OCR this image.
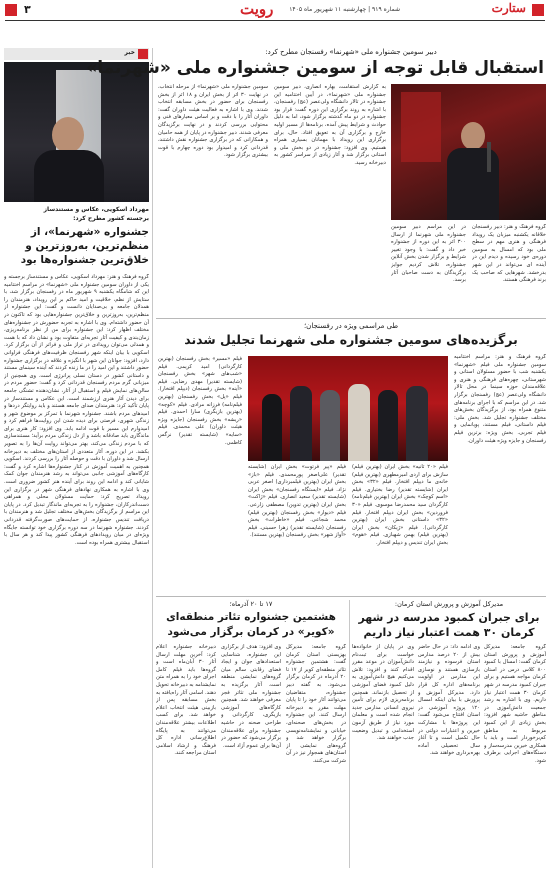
۳	ستارت
رویت	شماره ۹۱۹ | چهارشنبه ۱۱ شهریور ماه ۱۴۰۵
خبر
مهرداد اسکویی، عکاس و مستندساز
برجسته کشور مطرح کرد:
جشنواره «شهرنما»، از منظم‌ترین، به‌روزترین و خلاق‌ترین جشنواره‌ها بود
گروه فرهنگ و هنر: مهرداد اسکویی، عکاس و مستندساز برجسته و یکی از داوران سومین جشنواره ملی «شهرنما» در مراسم اختتامیه این که شامگاه یکشنبه ۹ شهریور ماه در رفسنجان برگزار شد، با ستایش از نظم، خلاقیت و امید حاکم بر این رویداد، هنرمندان را همدلان جامعه و بی‌صدایان دانست و گفت: این جشنواره از منظم‌ترین، به‌روزترین و خلاق‌ترین جشنواره‌هایی بود که تاکنون در آن حضور داشته‌ام. وی با اشاره به تجربه حضورش در جشنواره‌های مختلف اظهار کرد: این جشنواره برای من از نظر برنامه‌ریزی، زمان‌بندی و کیفیت آثار تجربه‌ای متفاوت بود و نشان داد که با همت و همدلی می‌توان رویدادی در تراز ملی و فراتر از آن برگزار کرد. اسکویی با بیان اینکه شهر رفسنجان ظرفیت‌های فرهنگی فراوانی دارد، افزود: جوانان این شهر با انگیزه و علاقه در برگزاری جشنواره حضور داشتند و این امید را در ما زنده کردند که آینده سینمای مستند و داستانی کشور در دستان نسلی پرانرژی است. وی همچنین از میزبانی گرم مردم رفسنجان قدردانی کرد و گفت: حضور مردم در سالن‌های نمایش فیلم و استقبال از آثار، نشان‌دهنده تشنگی جامعه برای دیدن آثار هنری ارزشمند است. این عکاس و مستندساز در پایان تأکید کرد: هنرمندان صدای جامعه هستند و باید روایتگر دردها و امیدهای مردم باشند. جشنواره شهرنما با تمرکز بر موضوع شهر و زندگی شهری، فرصتی برای دیده شدن این روایت‌ها فراهم کرد و امیدوارم این مسیر با قوت ادامه یابد. وی افزود: کار هنری برای ماندگاری باید صادقانه باشد و از دل زندگی مردم برآید؛ مستندسازی که با مردم زندگی می‌کند، بهتر می‌تواند روایت آن‌ها را به تصویر بکشد. در این دوره، آثار متعددی از استان‌های مختلف به دبیرخانه ارسال شد و داوران با دقت و حوصله آثار را بررسی کردند. اسکویی همچنین به اهمیت آموزش در کنار جشنواره‌ها اشاره کرد و گفت: کارگاه‌های آموزشی جانبی می‌تواند به رشد هنرمندان جوان کمک شایانی کند و ادامه این روند برای آینده هنر کشور ضروری است. وی با اشاره به همکاری نهادهای فرهنگی شهر در برگزاری این رویداد تصریح کرد: حمایت مسئولان محلی و همراهی دست‌اندرکاران، جشنواره را به تجربه‌ای ماندگار تبدیل کرد. در پایان این مراسم از برگزیدگان بخش‌های مختلف تجلیل شد و هنرمندان با دریافت تندیس جشنواره، از حمایت‌های صورت‌گرفته قدردانی کردند. جشنواره شهرنما در سه دوره برگزاری خود توانسته جایگاه ویژه‌ای در میان رویدادهای فرهنگی کشور پیدا کند و هر سال با استقبال بیشتری همراه بوده است.
دبیر سومین جشنواره ملی «شهرنما» رفسنجان مطرح کرد:
استقبال قابل توجه از سومین جشنواره ملی «شهرنما»
گروه فرهنگ و هنر: دبیر رفسنجان خلاقانه یکشنبه میزبان یک رویداد فرهنگی و هنری مهم در سطح ملی بود که امسال به سومین دوره‌ی خود رسیده و دیدم این در آینده ای می‌تواند در این شهر بدرخشد. شهرهایی که صاحب یک برند فرهنگی هستند.
در این مراسم دبیر سومین جشنواره ملی شهرنما از ارسال ۳۰۰ اثر به این دوره از جشنواره خبر داد و گفت: با وجود تغییر شرایط و برگزار شدن بخش آنلاین جشنواره، تلاش کردیم جوایز برگزیدگان به دست صاحبان آثار برسد.
به گزارش استقامت، بهاره انصاری، دبیر سومین جشنواره ملی «شهرنما»، در آیین اختتامیه این جشنواره در تالار دانشگاه ولی‌عصر (عج) رفسنجان، با اشاره به روند برگزاری این دوره گفت: قرار بود جشنواره در دو ماه گذشته برگزار شود، اما به دلیل حوادث و شرایط پیش آمده، برنامه‌ها از مسیر اولیه خارج و برگزاری آن به تعویق افتاد. حال، برای برگزاری این رویداد با مهمانان بسیاری همراه هستیم. وی افزود: جشنواره در دو بخش ملی و استانی برگزار شد و آثار زیادی از سراسر کشور به دبیرخانه رسید.
سومین جشنواره ملی «شهرنما» از مرحله انتخاب، در نهایت ۳۰ اثر از بخش ایران و ۱۸ اثر از بخش رفسنجان برای حضور در بخش مسابقه انتخاب شدند. وی با اشاره به فعالیت هیئت داوران گفت: داوران آثار را با دقت و بر اساس معیارهای فنی و محتوایی بررسی کردند و در نهایت برگزیدگان معرفی شدند. دبیر جشنواره در پایان از همه حامیان و همکارانی که در برگزاری جشنواره نقش داشتند، قدردانی کرد و امیدوار بود دوره چهارم با قوت بیشتری برگزار شود.
طی مراسمی ویژه در رفسنجان؛
برگزیده‌های سومین جشنواره ملی شهرنما تجلیل شدند
گروه فرهنگ و هنر: مراسم اختتامیه سومین جشنواره ملی فیلم «شهرنما» یکشنبه شب با حضور مسئولان استانی و شهرستانی، چهره‌های فرهنگی و هنری و علاقه‌مندان حوزه سینما در محل تالار دانشگاه ولی‌عصر (عج) رفسنجان برگزار شد. در این مراسم که با اجرای برنامه‌های متنوع همراه بود، از برگزیدگان بخش‌های مختلف جشنواره تجلیل شد. بخش ملی: فیلم داستانی، فیلم مستند، پویانمایی و فیلم تجربی. بخش ویژه: برترین فیلم رفسنجان و جایزه ویژه هیئت داوران.
فیلم «۲۰ ثانیه» بخش ایران (بهترین فیلم) سازش برای اردی امیرمطهری (بهترین فیلم) خانه‌ی ما دیپلم افتخار. فیلم «۳۲» بخش ایران (شایسته تقدیر) رضا بختیاری. فیلم «اسم کوچک» بخش ایران (بهترین فیلم‌نامه) کارگردان سید محمدرضا موسوی. فیلم «۳۰ فروردین» بخش ایران دیپلم افتخار. فیلم «۳۲» داستانی بخش ایران (بهترین کارگردانی). فیلم «ژیکان» بخش ایران (بهترین فیلم) بهمن شهبازی. فیلم «هوم» بخش ایران تندیس و دیپلم افتخار.
فیلم «پیر فرتوت» بخش ایران (شایسته تقدیر) علی‌اصغر پورمحمدی. فیلم «باز» بخش ایران (بهترین فیلمبرداری) اصغر عربی نژاد. فیلم «ایستگاه رفسنجان» بخش ایران (شایسته تقدیر) سعید انصاری. فیلم «ژاکت» بخش ایران (بهترین تدوین) مصطفی زارعی. فیلم «دیوار» بخش رفسنجان (بهترین فیلم) محمد شجاعی. فیلم «خاطرات» بخش رفسنجان (شایسته تقدیر) زهرا حسینی. فیلم «آواز شهر» بخش رفسنجان (بهترین مستند).
فیلم «مسیر» بخش رفسنجان (بهترین کارگردانی) امید کریمی. فیلم «شب‌های شهر» بخش رفسنجان (شایسته تقدیر) مهدی رضایی. فیلم «آینه» بخش رفسنجان (دیپلم افتخار). فیلم «پل» بخش رفسنجان (بهترین فیلم‌نامه) فرزانه مرادی. فیلم «کوچه» (بهترین بازیگری) سارا احمدی. فیلم «ریشه» بخش رفسنجان (جایزه ویژه هیئت داوران) علی محمدی. فیلم «سایه» (شایسته تقدیر) نرگس کاظمی.
مدیرکل آموزش و پرورش استان کرمان:
برای جبران کمبود مدرسه در شهر کرمان ۳۰ همت اعتبار نیاز داریم
گروه جامعه: مدیرکل آموزش و پرورش استان کرمان گفت: امسال با کمبود ۸۰۰ کلاس درس در استان کرمان مواجه هستیم و برای جبران کمبود مدرسه در شهر کرمان ۳۰ همت اعتبار نیاز داریم. وی با اشاره به رشد جمعیت دانش‌آموزی در مناطق حاشیه شهر افزود: بخش زیادی از این کمبود مربوط به مناطق کم‌برخوردار است و باید با همکاری خیرین مدرسه‌ساز و دستگاه‌های اجرایی برطرف شود.
وی ادامه داد: در حال حاضر بیش از ۲۰ درصد مدارس استان فرسوده و نیازمند بازسازی هستند و نوسازی این مدارس در اولویت برنامه‌های اداره کل قرار دارد. مدیرکل آموزش و پرورش با بیان اینکه امسال ۱۲۰ پروژه آموزشی در استان افتتاح می‌شود گفت: این پروژه‌ها با مشارکت خیرین و اعتبارات دولتی در حال تکمیل است و تا آغاز سال تحصیلی آماده بهره‌برداری خواهند شد.
وی در پایان از خانواده‌ها خواست برای ثبت‌نام دانش‌آموزان در موعد مقرر اقدام کنند و افزود: تلاش می‌کنیم هیچ دانش‌آموزی به دلیل کمبود فضای آموزشی از تحصیل بازنماند. همچنین برنامه‌ریزی لازم برای تأمین نیروی انسانی مدارس جدید انجام شده است و معلمان مورد نیاز از طریق آزمون استخدامی و تبدیل وضعیت جذب خواهند شد.
۱۷ تا ۲۰ آذرماه؛
هشتمین جشنواره تئاتر منطقه‌ای «کویر» در کرمان برگزار می‌شود
گروه جامعه: مدیرکل بهزیستی استان کرمان گفت: هشتمین جشنواره تئاتر منطقه‌ای کویر از ۱۷ تا ۲۰ آذرماه در کرمان برگزار می‌شود. به گفته دبیر جشنواره، متقاضیان می‌توانند آثار خود را تا پایان مهلت مقرر به دبیرخانه ارسال کنند. این جشنواره در بخش‌های صحنه‌ای، خیابانی و نمایشنامه‌نویسی برگزار خواهد شد و گروه‌های نمایشی از استان‌های همجوار نیز در آن شرکت می‌کنند.
وی افزود: هدف از برگزاری این جشنواره، شناسایی استعدادهای جوان و ایجاد فضای رقابتی سالم میان گروه‌های نمایشی منطقه است. آثار برگزیده به جشنواره ملی تئاتر فجر معرفی خواهند شد. همچنین کارگاه‌های آموزشی بازیگری، کارگردانی و طراحی صحنه در حاشیه جشنواره برای علاقه‌مندان برگزار می‌شود که حضور در آن‌ها برای عموم آزاد است.
دبیرخانه جشنواره اعلام کرد: آخرین مهلت ارسال آثار ۳۰ آبان‌ماه است و گروه‌ها باید فیلم کامل اجرای خود را به همراه متن نمایشنامه به دبیرخانه تحویل دهند. اسامی آثار راه‌یافته به بخش مسابقه پس از بازبینی هیئت انتخاب اعلام خواهد شد. برای کسب اطلاعات بیشتر علاقه‌مندان می‌توانند به پایگاه اطلاع‌رسانی اداره کل فرهنگ و ارشاد اسلامی استان مراجعه کنند.
